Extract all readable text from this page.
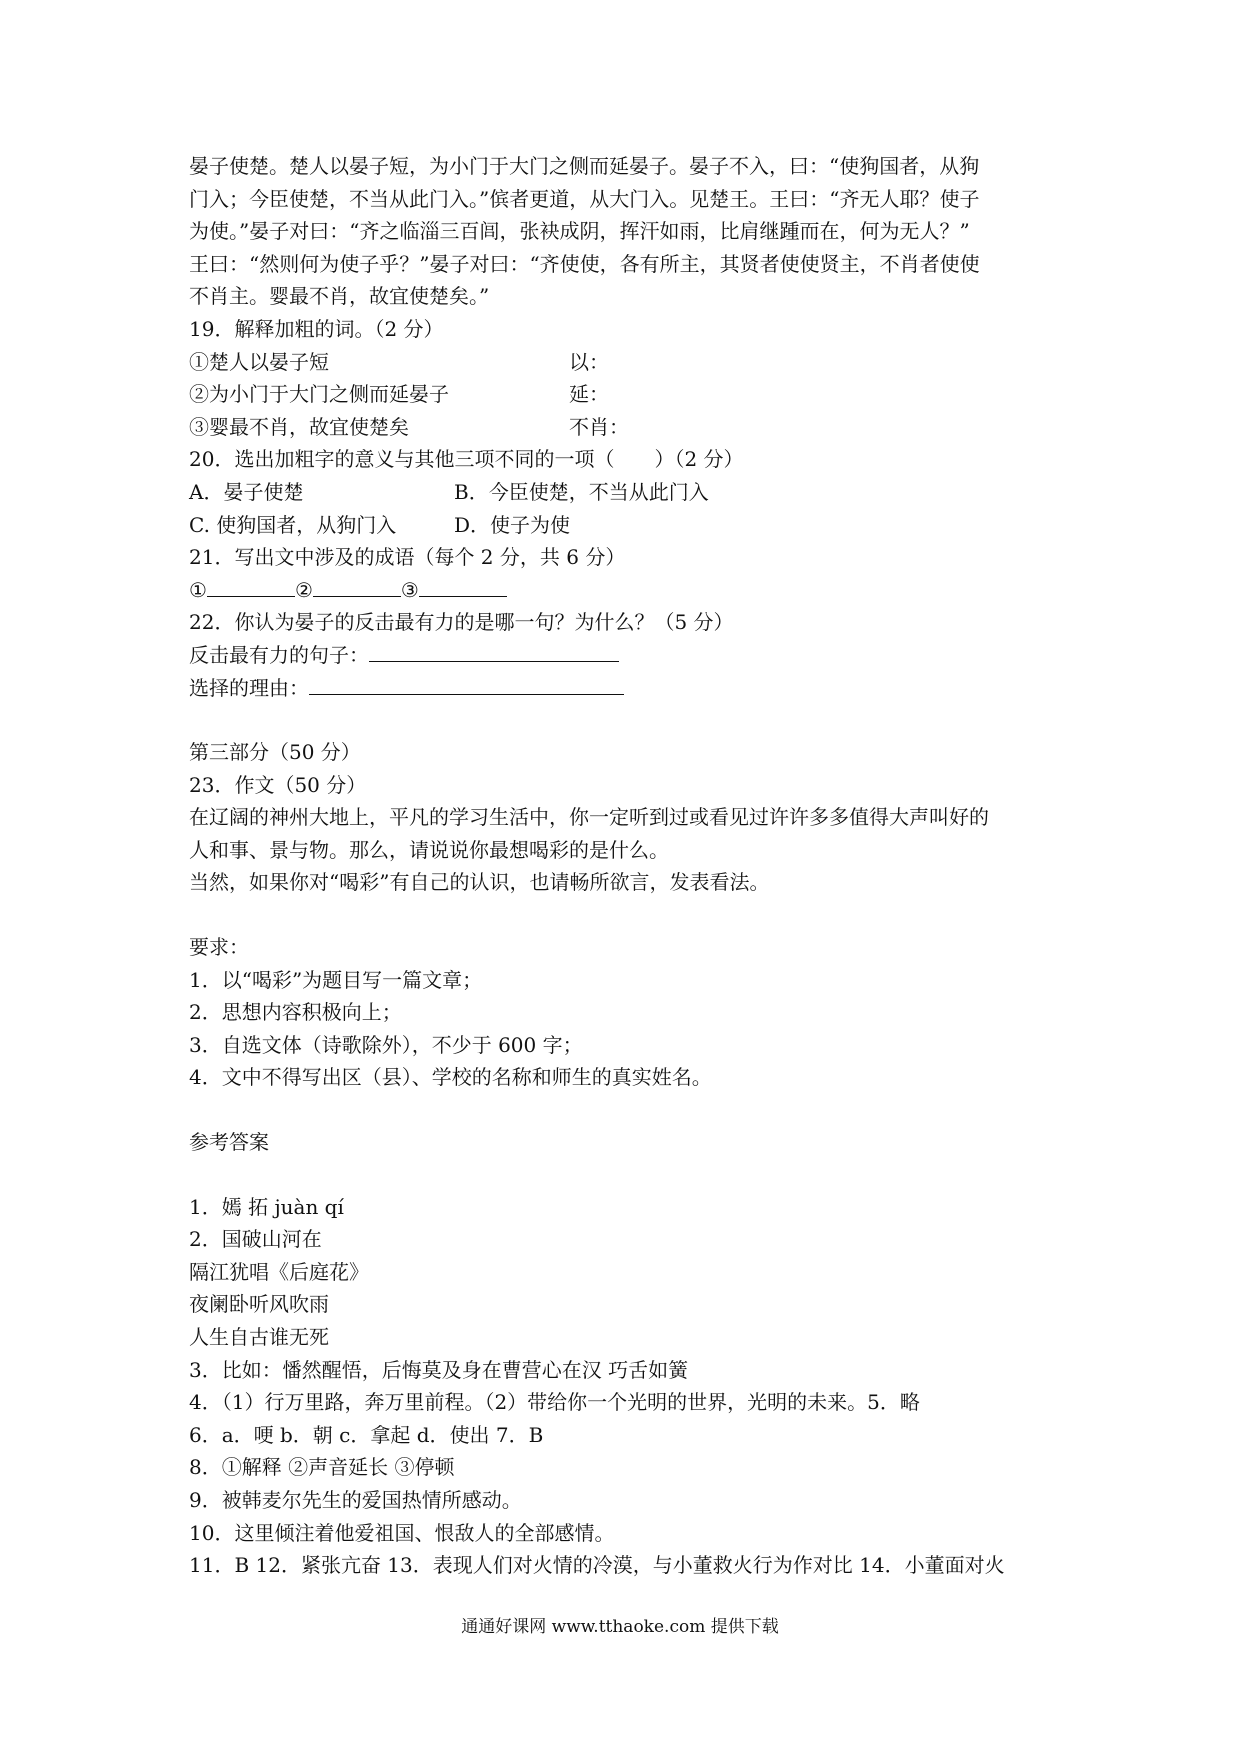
晏子使楚。楚人以晏子短，为小门于大门之侧而延晏子。晏子不入，曰：“使狗国者，从狗
门入；今臣使楚，不当从此门入。”傧者更道，从大门入。见楚王。王曰：“齐无人耶？使子
为使。”晏子对曰：“齐之临淄三百闾，张袂成阴，挥汗如雨，比肩继踵而在，何为无人？”
王曰：“然则何为使子乎？”晏子对曰：“齐使使，各有所主，其贤者使使贤主，不肖者使使
不肖主。婴最不肖，故宜使楚矣。”
19．解释加粗的词。（2 分）
①楚人以晏子短	以：
②为小门于大门之侧而延晏子	延：
③婴最不肖，故宜使楚矣	不肖：
20．选出加粗字的意义与其他三项不同的一项（　　）（2 分）
A．晏子使楚	B．今臣使楚，不当从此门入
C. 使狗国者，从狗门入	D．使子为使
21．写出文中涉及的成语（每个 2 分，共 6 分）
①	②	③
22．你认为晏子的反击最有力的是哪一句？为什么？（5 分）
反击最有力的句子：
选择的理由：
第三部分（50 分）
23．作文（50 分）
在辽阔的神州大地上，平凡的学习生活中，你一定听到过或看见过许许多多值得大声叫好的
人和事、景与物。那么，请说说你最想喝彩的是什么。
当然，如果你对“喝彩”有自己的认识，也请畅所欲言，发表看法。
要求：
1．以“喝彩”为题目写一篇文章；
2．思想内容积极向上；
3．自选文体（诗歌除外），不少于 600 字；
4．文中不得写出区（县）、学校的名称和师生的真实姓名。
参考答案
1．嫣 拓 juàn qí
2．国破山河在
隔江犹唱《后庭花》
夜阑卧听风吹雨
人生自古谁无死
3．比如：憣然醒悟，后悔莫及身在曹营心在汉 巧舌如簧
4．（1）行万里路，奔万里前程。（2）带给你一个光明的世界，光明的未来。5．略
6．a．哽 b．朝 c．拿起 d．使出 7．B
8．①解释 ②声音延长 ③停顿
9．被韩麦尔先生的爱国热情所感动。
10．这里倾注着他爱祖国、恨敌人的全部感情。
11．B 12．紧张亢奋 13．表现人们对火情的冷漠，与小董救火行为作对比 14．小董面对火
通通好课网 www.tthaoke.com 提供下载
